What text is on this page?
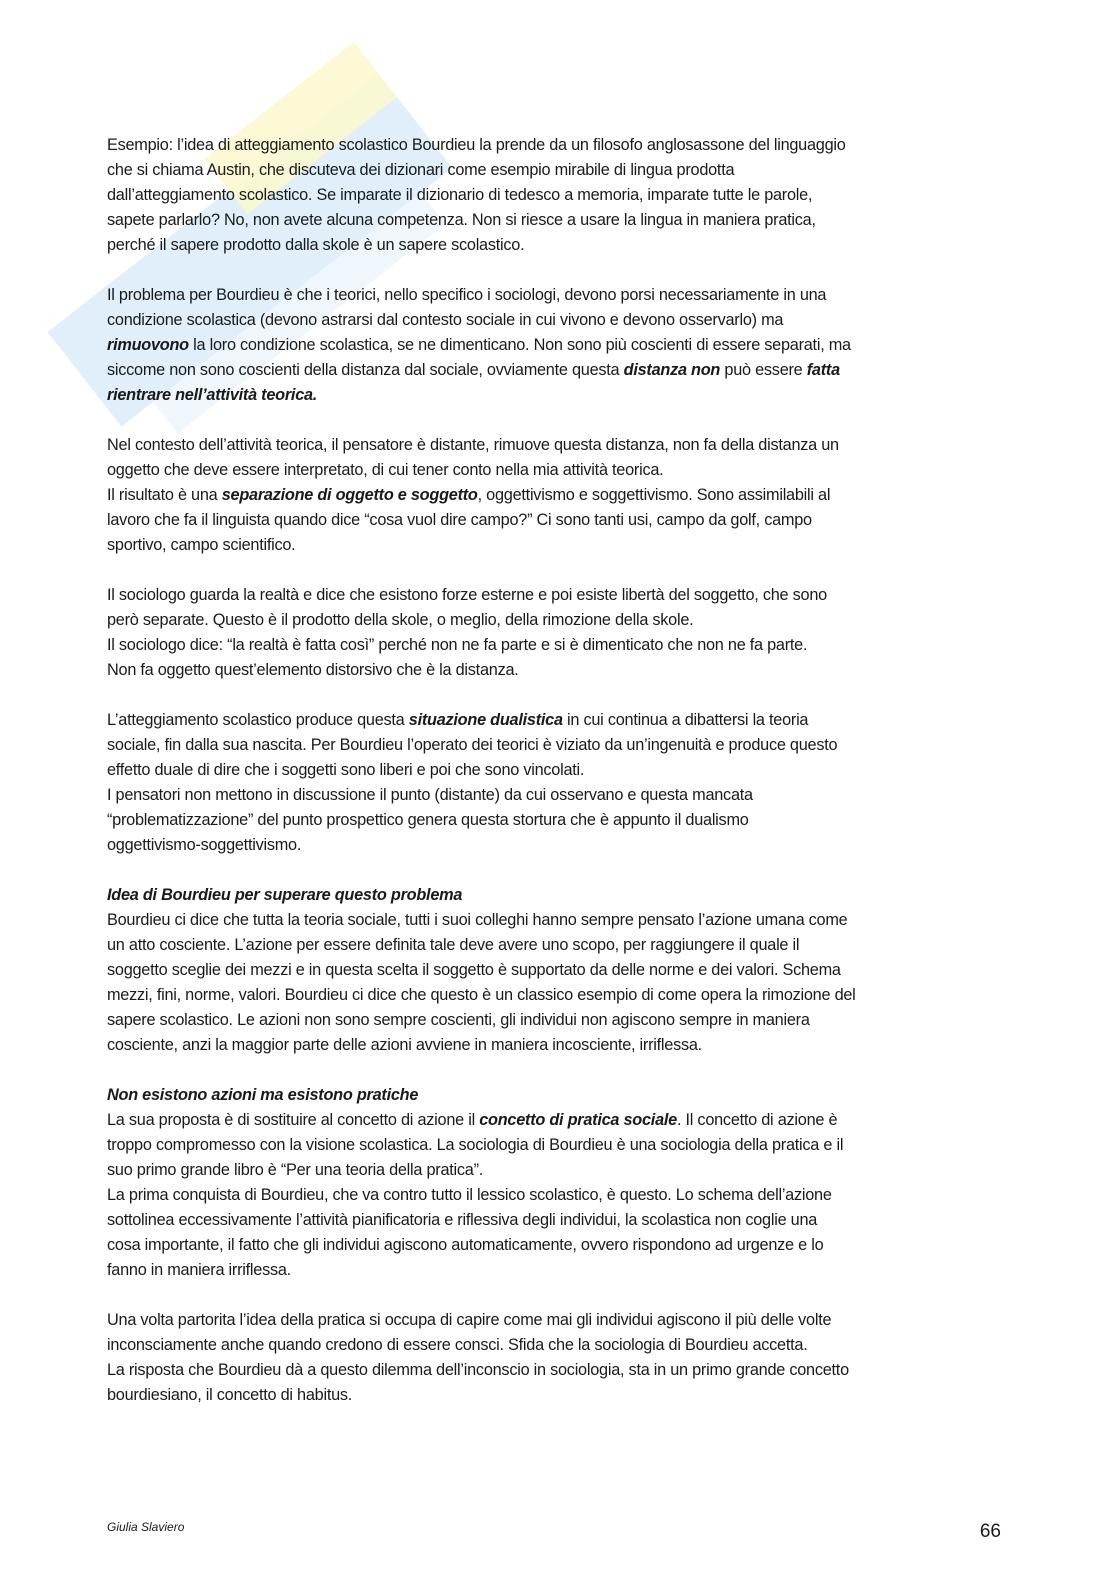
Esempio: l’idea di atteggiamento scolastico Bourdieu la prende da un filosofo anglosassone del linguaggio
che si chiama Austin, che discuteva dei dizionari come esempio mirabile di lingua prodotta
dall’atteggiamento scolastico. Se imparate il dizionario di tedesco a memoria, imparate tutte le parole,
sapete parlarlo? No, non avete alcuna competenza. Non si riesce a usare la lingua in maniera pratica,
perché il sapere prodotto dalla skole è un sapere scolastico.
Il problema per Bourdieu è che i teorici, nello specifico i sociologi, devono porsi necessariamente in una
condizione scolastica (devono astrarsi dal contesto sociale in cui vivono e devono osservarlo) ma
rimuovono la loro condizione scolastica, se ne dimenticano. Non sono più coscienti di essere separati, ma
siccome non sono coscienti della distanza dal sociale, ovviamente questa distanza non può essere fatta
rientrare nell’attività teorica.
Nel contesto dell’attività teorica, il pensatore è distante, rimuove questa distanza, non fa della distanza un
oggetto che deve essere interpretato, di cui tener conto nella mia attività teorica.
Il risultato è una separazione di oggetto e soggetto, oggettivismo e soggettivismo. Sono assimilabili al
lavoro che fa il linguista quando dice “cosa vuol dire campo?” Ci sono tanti usi, campo da golf, campo
sportivo, campo scientifico.
Il sociologo guarda la realtà e dice che esistono forze esterne e poi esiste libertà del soggetto, che sono
però separate. Questo è il prodotto della skole, o meglio, della rimozione della skole.
Il sociologo dice: “la realtà è fatta così” perché non ne fa parte e si è dimenticato che non ne fa parte.
Non fa oggetto quest’elemento distorsivo che è la distanza.
L’atteggiamento scolastico produce questa situazione dualistica in cui continua a dibattersi la teoria
sociale, fin dalla sua nascita. Per Bourdieu l’operato dei teorici è viziato da un’ingenuità e produce questo
effetto duale di dire che i soggetti sono liberi e poi che sono vincolati.
I pensatori non mettono in discussione il punto (distante) da cui osservano e questa mancata
“problematizzazione” del punto prospettico genera questa stortura che è appunto il dualismo
oggettivismo-soggettivismo.
Idea di Bourdieu per superare questo problema
Bourdieu ci dice che tutta la teoria sociale, tutti i suoi colleghi hanno sempre pensato l’azione umana come
un atto cosciente. L’azione per essere definita tale deve avere uno scopo, per raggiungere il quale il
soggetto sceglie dei mezzi e in questa scelta il soggetto è supportato da delle norme e dei valori. Schema
mezzi, fini, norme, valori. Bourdieu ci dice che questo è un classico esempio di come opera la rimozione del
sapere scolastico. Le azioni non sono sempre coscienti, gli individui non agiscono sempre in maniera
cosciente, anzi la maggior parte delle azioni avviene in maniera incosciente, irriflessa.
Non esistono azioni ma esistono pratiche
La sua proposta è di sostituire al concetto di azione il concetto di pratica sociale. Il concetto di azione è
troppo compromesso con la visione scolastica. La sociologia di Bourdieu è una sociologia della pratica e il
suo primo grande libro è “Per una teoria della pratica”.
La prima conquista di Bourdieu, che va contro tutto il lessico scolastico, è questo. Lo schema dell’azione
sottolinea eccessivamente l’attività pianificatoria e riflessiva degli individui, la scolastica non coglie una
cosa importante, il fatto che gli individui agiscono automaticamente, ovvero rispondono ad urgenze e lo
fanno in maniera irriflessa.
Una volta partorita l’idea della pratica si occupa di capire come mai gli individui agiscono il più delle volte
inconsciamente anche quando credono di essere consci. Sfida che la sociologia di Bourdieu accetta.
La risposta che Bourdieu dà a questo dilemma dell’inconscio in sociologia, sta in un primo grande concetto
bourdiesiano, il concetto di habitus.
Giulia Slaviero	66
